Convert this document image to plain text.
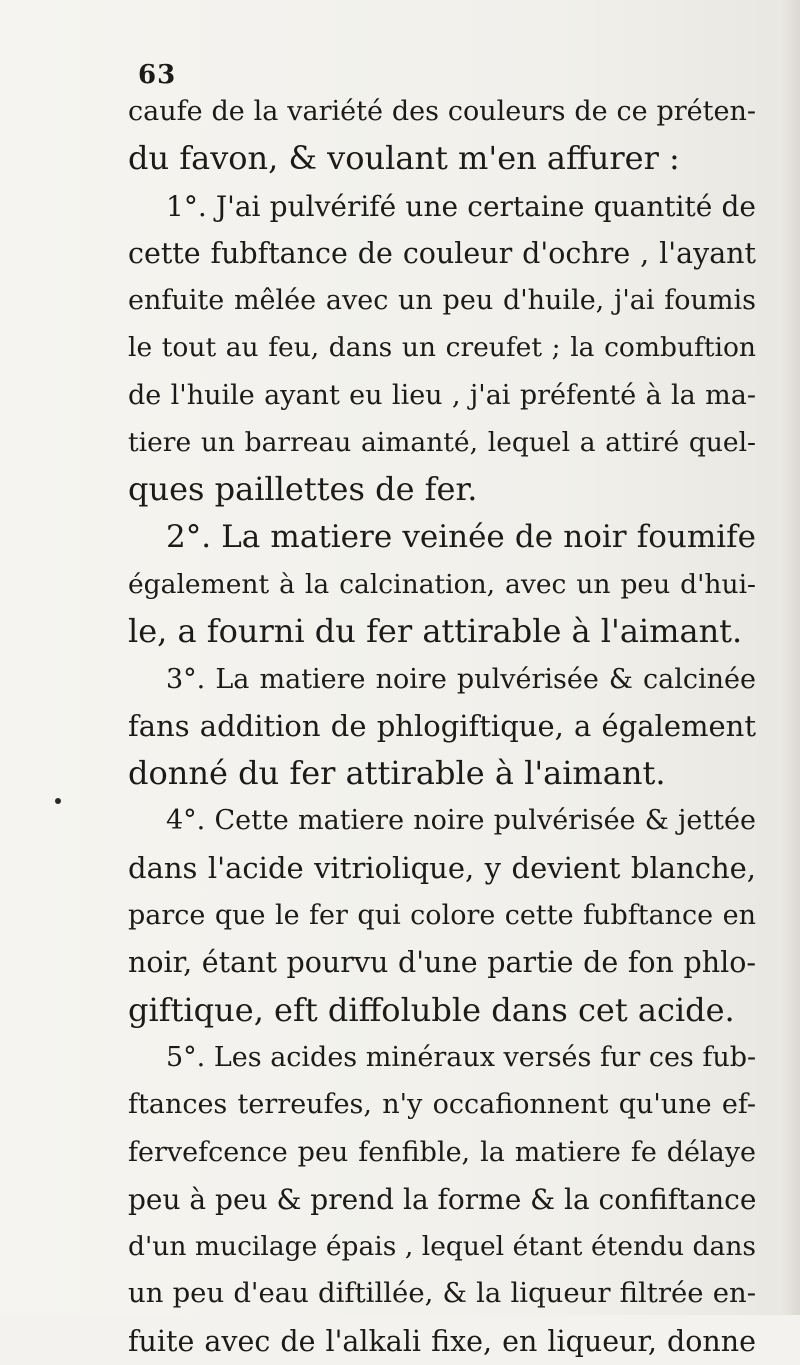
63
caufe de la variété des couleurs de ce préten-
du favon, & voulant m'en affurer :
1°. J'ai pulvérifé une certaine quantité de
cette fubftance de couleur d'ochre , l'ayant
enfuite mêlée avec un peu d'huile, j'ai foumis
le tout au feu, dans un creufet ; la combuftion
de l'huile ayant eu lieu , j'ai préfenté à la ma-
tiere un barreau aimanté, lequel a attiré quel-
ques paillettes de fer.
2°. La matiere veinée de noir foumife
également à la calcination, avec un peu d'hui-
le, a fourni du fer attirable à l'aimant.
3°. La matiere noire pulvérisée & calcinée
fans addition de phlogiftique, a également
donné du fer attirable à l'aimant.
4°. Cette matiere noire pulvérisée & jettée
dans l'acide vitriolique, y devient blanche,
parce que le fer qui colore cette fubftance en
noir, étant pourvu d'une partie de fon phlo-
giftique, eft diffoluble dans cet acide.
5°. Les acides minéraux versés fur ces fub-
ftances terreufes, n'y occafionnent qu'une ef-
fervefcence peu fenfible, la matiere fe délaye
peu à peu & prend la forme & la confiftance
d'un mucilage épais , lequel étant étendu dans
un peu d'eau diftillée, & la liqueur filtrée en-
fuite avec de l'alkali fixe, en liqueur, donne
